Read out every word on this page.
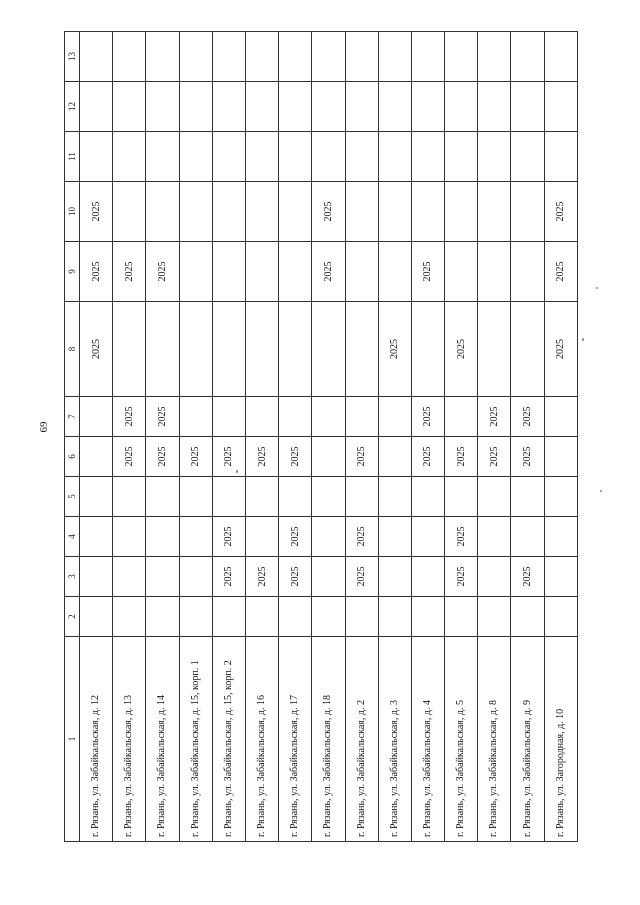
69
1	2	3	4	5	6	7	8	9	10	11	12	13
г. Рязань, ул. Забайкальская, д. 12							2025	2025	2025			
г. Рязань, ул. Забайкальская, д. 13					2025	2025		2025				
г. Рязань, ул. Забайкальская, д. 14					2025	2025		2025				
г. Рязань, ул. Забайкальская, д. 15, корп. 1					2025							
г. Рязань, ул. Забайкальская, д. 15, корп. 2		2025	2025		2025							
г. Рязань, ул. Забайкальская, д. 16		2025			2025							
г. Рязань, ул. Забайкальская, д. 17		2025	2025		2025							
г. Рязань, ул. Забайкальская, д. 18								2025	2025			
г. Рязань, ул. Забайкальская, д. 2		2025	2025		2025							
г. Рязань, ул. Забайкальская, д. 3							2025					
г. Рязань, ул. Забайкальская, д. 4					2025	2025		2025				
г. Рязань, ул. Забайкальская, д. 5		2025	2025		2025		2025					
г. Рязань, ул. Забайкальская, д. 8					2025	2025						
г. Рязань, ул. Забайкальская, д. 9		2025			2025	2025						
г. Рязань, ул. Загородная, д. 10							2025	2025	2025			
